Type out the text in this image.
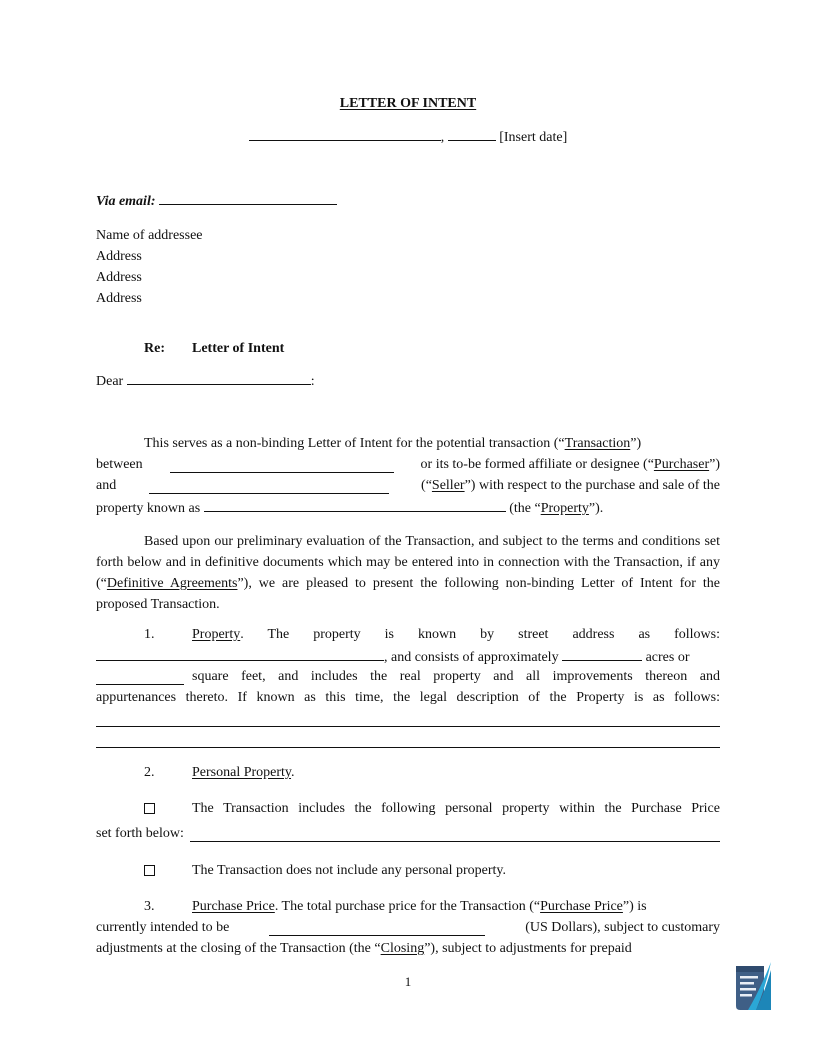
LETTER OF INTENT
,	[Insert date]
Via email:
Name of addressee
Address
Address
Address
Re: Letter of Intent
Dear	:
This serves as a non-binding Letter of Intent for the potential transaction (“Transaction”)
between	or its to-be formed affiliate or designee (“Purchaser”)
and	(“Seller”) with respect to the purchase and sale of the
property known as	(the “Property”).
Based upon our preliminary evaluation of the Transaction, and subject to the terms and conditions set forth below and in definitive documents which may be entered into in connection with the Transaction, if any (“Definitive Agreements”), we are pleased to present the following non-binding Letter of Intent for the proposed Transaction.
1.	Property . The property is known by street address as follows:
, and consists of approximately	acres or
square feet, and includes the real property and all improvements thereon and
appurtenances thereto. If known as this time, the legal description of the Property is as follows:
2.	Personal Property.
The Transaction includes the following personal property within the Purchase Price
set forth below:
The Transaction does not include any personal property.
3.	Purchase Price. The total purchase price for the Transaction (“Purchase Price”) is
currently intended to be	(US Dollars), subject to customary
adjustments at the closing of the Transaction (the “Closing”), subject to adjustments for prepaid
1
